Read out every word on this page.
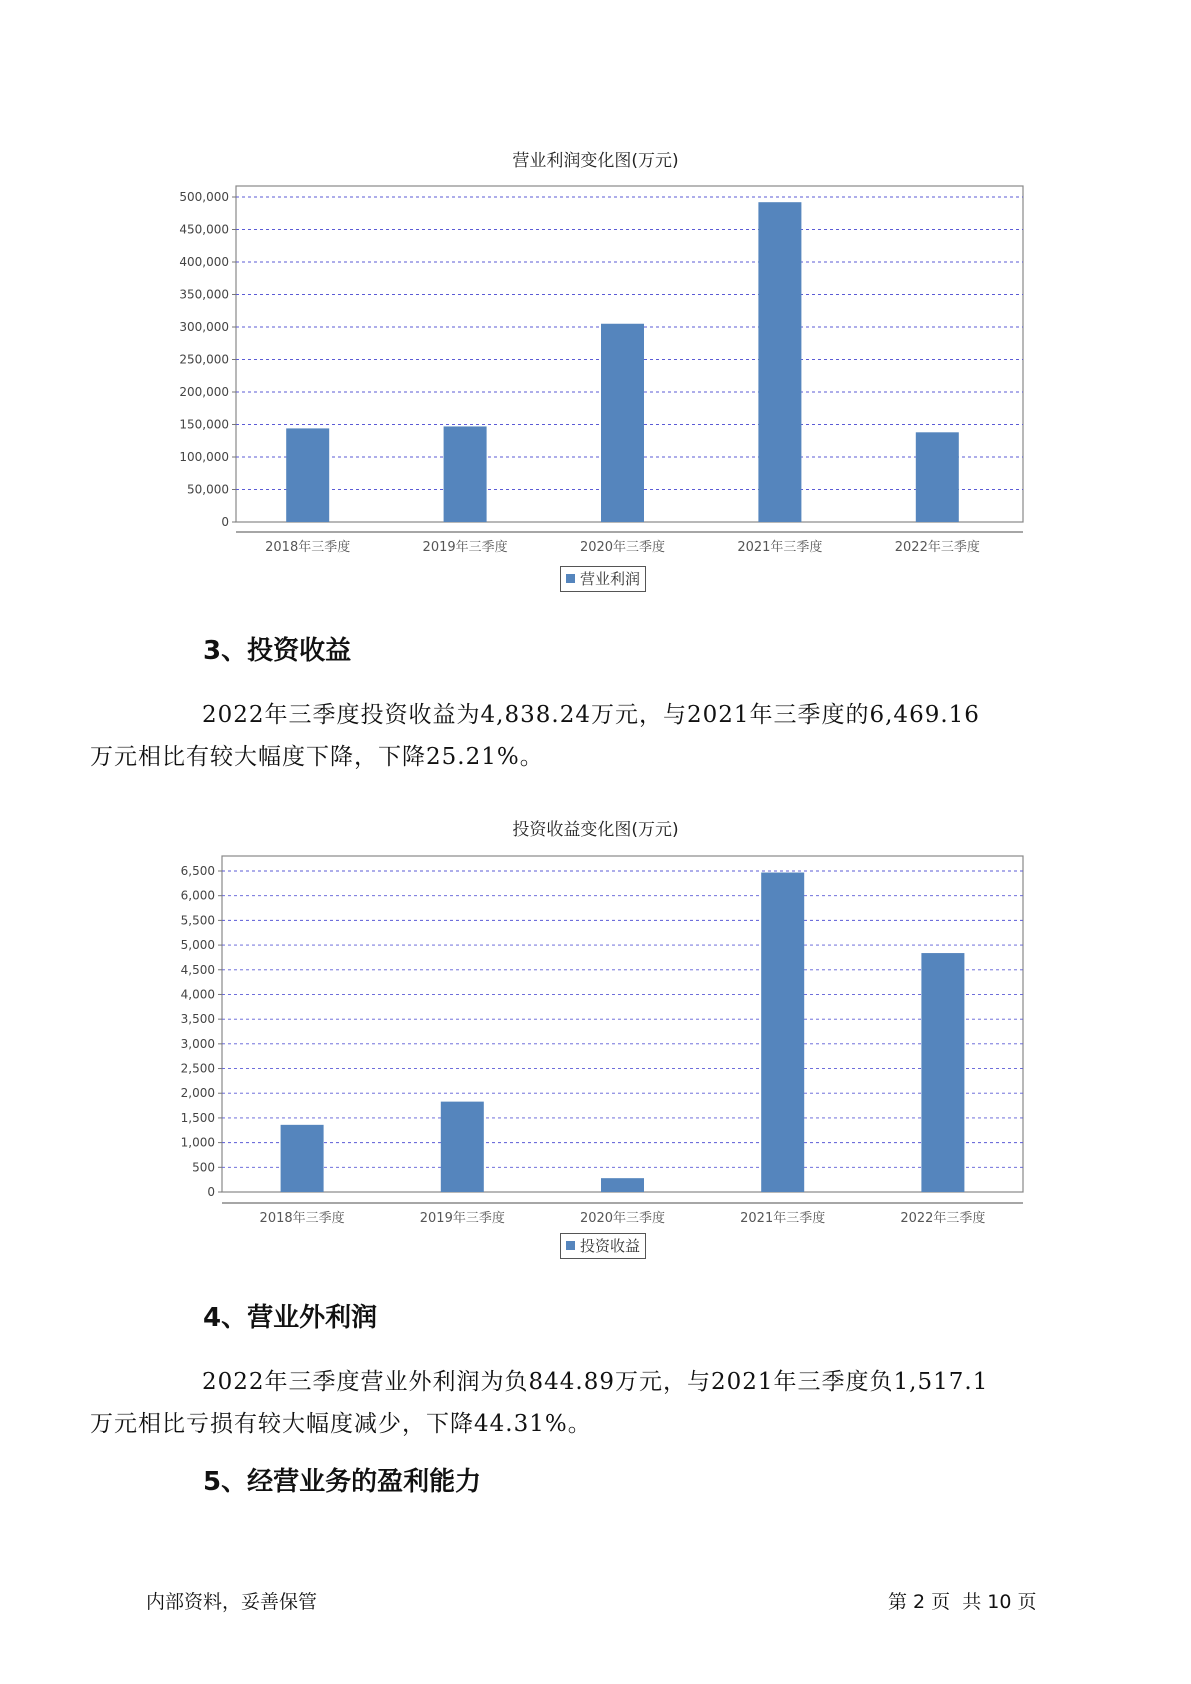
营业利润变化图(万元)
0
50,000
100,000
150,000
200,000
250,000
300,000
350,000
400,000
450,000
500,000
2018年三季度	2019年三季度	2020年三季度	2021年三季度	2022年三季度
营业利润
3、投资收益
2022年三季度投资收益为4,838.24万元，与2021年三季度的6,469.16
万元相比有较大幅度下降，下降25.21%。
投资收益变化图(万元)
0
500
1,000
1,500
2,000
2,500
3,000
3,500
4,000
4,500
5,000
5,500
6,000
6,500
2018年三季度	2019年三季度	2020年三季度	2021年三季度	2022年三季度
投资收益
4、营业外利润
2022年三季度营业外利润为负844.89万元，与2021年三季度负1,517.1
万元相比亏损有较大幅度减少，下降44.31%。
5、经营业务的盈利能力
内部资料，妥善保管	第 2 页  共 10 页
